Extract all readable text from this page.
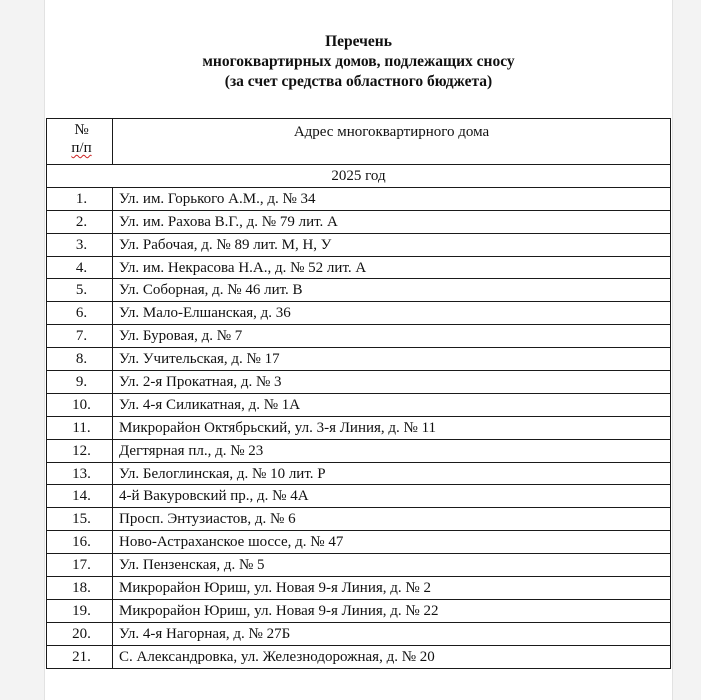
Перечень
многоквартирных домов, подлежащих сносу
(за счет средства областного бюджета)
№
п/п	Адрес многоквартирного дома
2025 год	
1.	Ул. им. Горького А.М., д. № 34
2.	Ул. им. Рахова В.Г., д. № 79 лит. А
3.	Ул. Рабочая, д. № 89 лит. М, Н, У
4.	Ул. им. Некрасова Н.А., д. № 52 лит. А
5.	Ул. Соборная, д. № 46 лит. В
6.	Ул. Мало-Елшанская, д. 36
7.	Ул. Буровая, д. № 7
8.	Ул. Учительская, д. № 17
9.	Ул. 2-я Прокатная, д. № 3
10.	Ул. 4-я Силикатная, д. № 1А
11.	Микрорайон Октябрьский, ул. 3-я Линия, д. № 11
12.	Дегтярная пл., д. № 23
13.	Ул. Белоглинская, д. № 10 лит. Р
14.	4-й Вакуровский пр., д. № 4А
15.	Просп. Энтузиастов, д. № 6
16.	Ново-Астраханское шоссе, д. № 47
17.	Ул. Пензенская, д. № 5
18.	Микрорайон Юриш, ул. Новая 9-я Линия, д. № 2
19.	Микрорайон Юриш, ул. Новая 9-я Линия, д. № 22
20.	Ул. 4-я Нагорная, д. № 27Б
21.	С. Александровка, ул. Железнодорожная, д. № 20
